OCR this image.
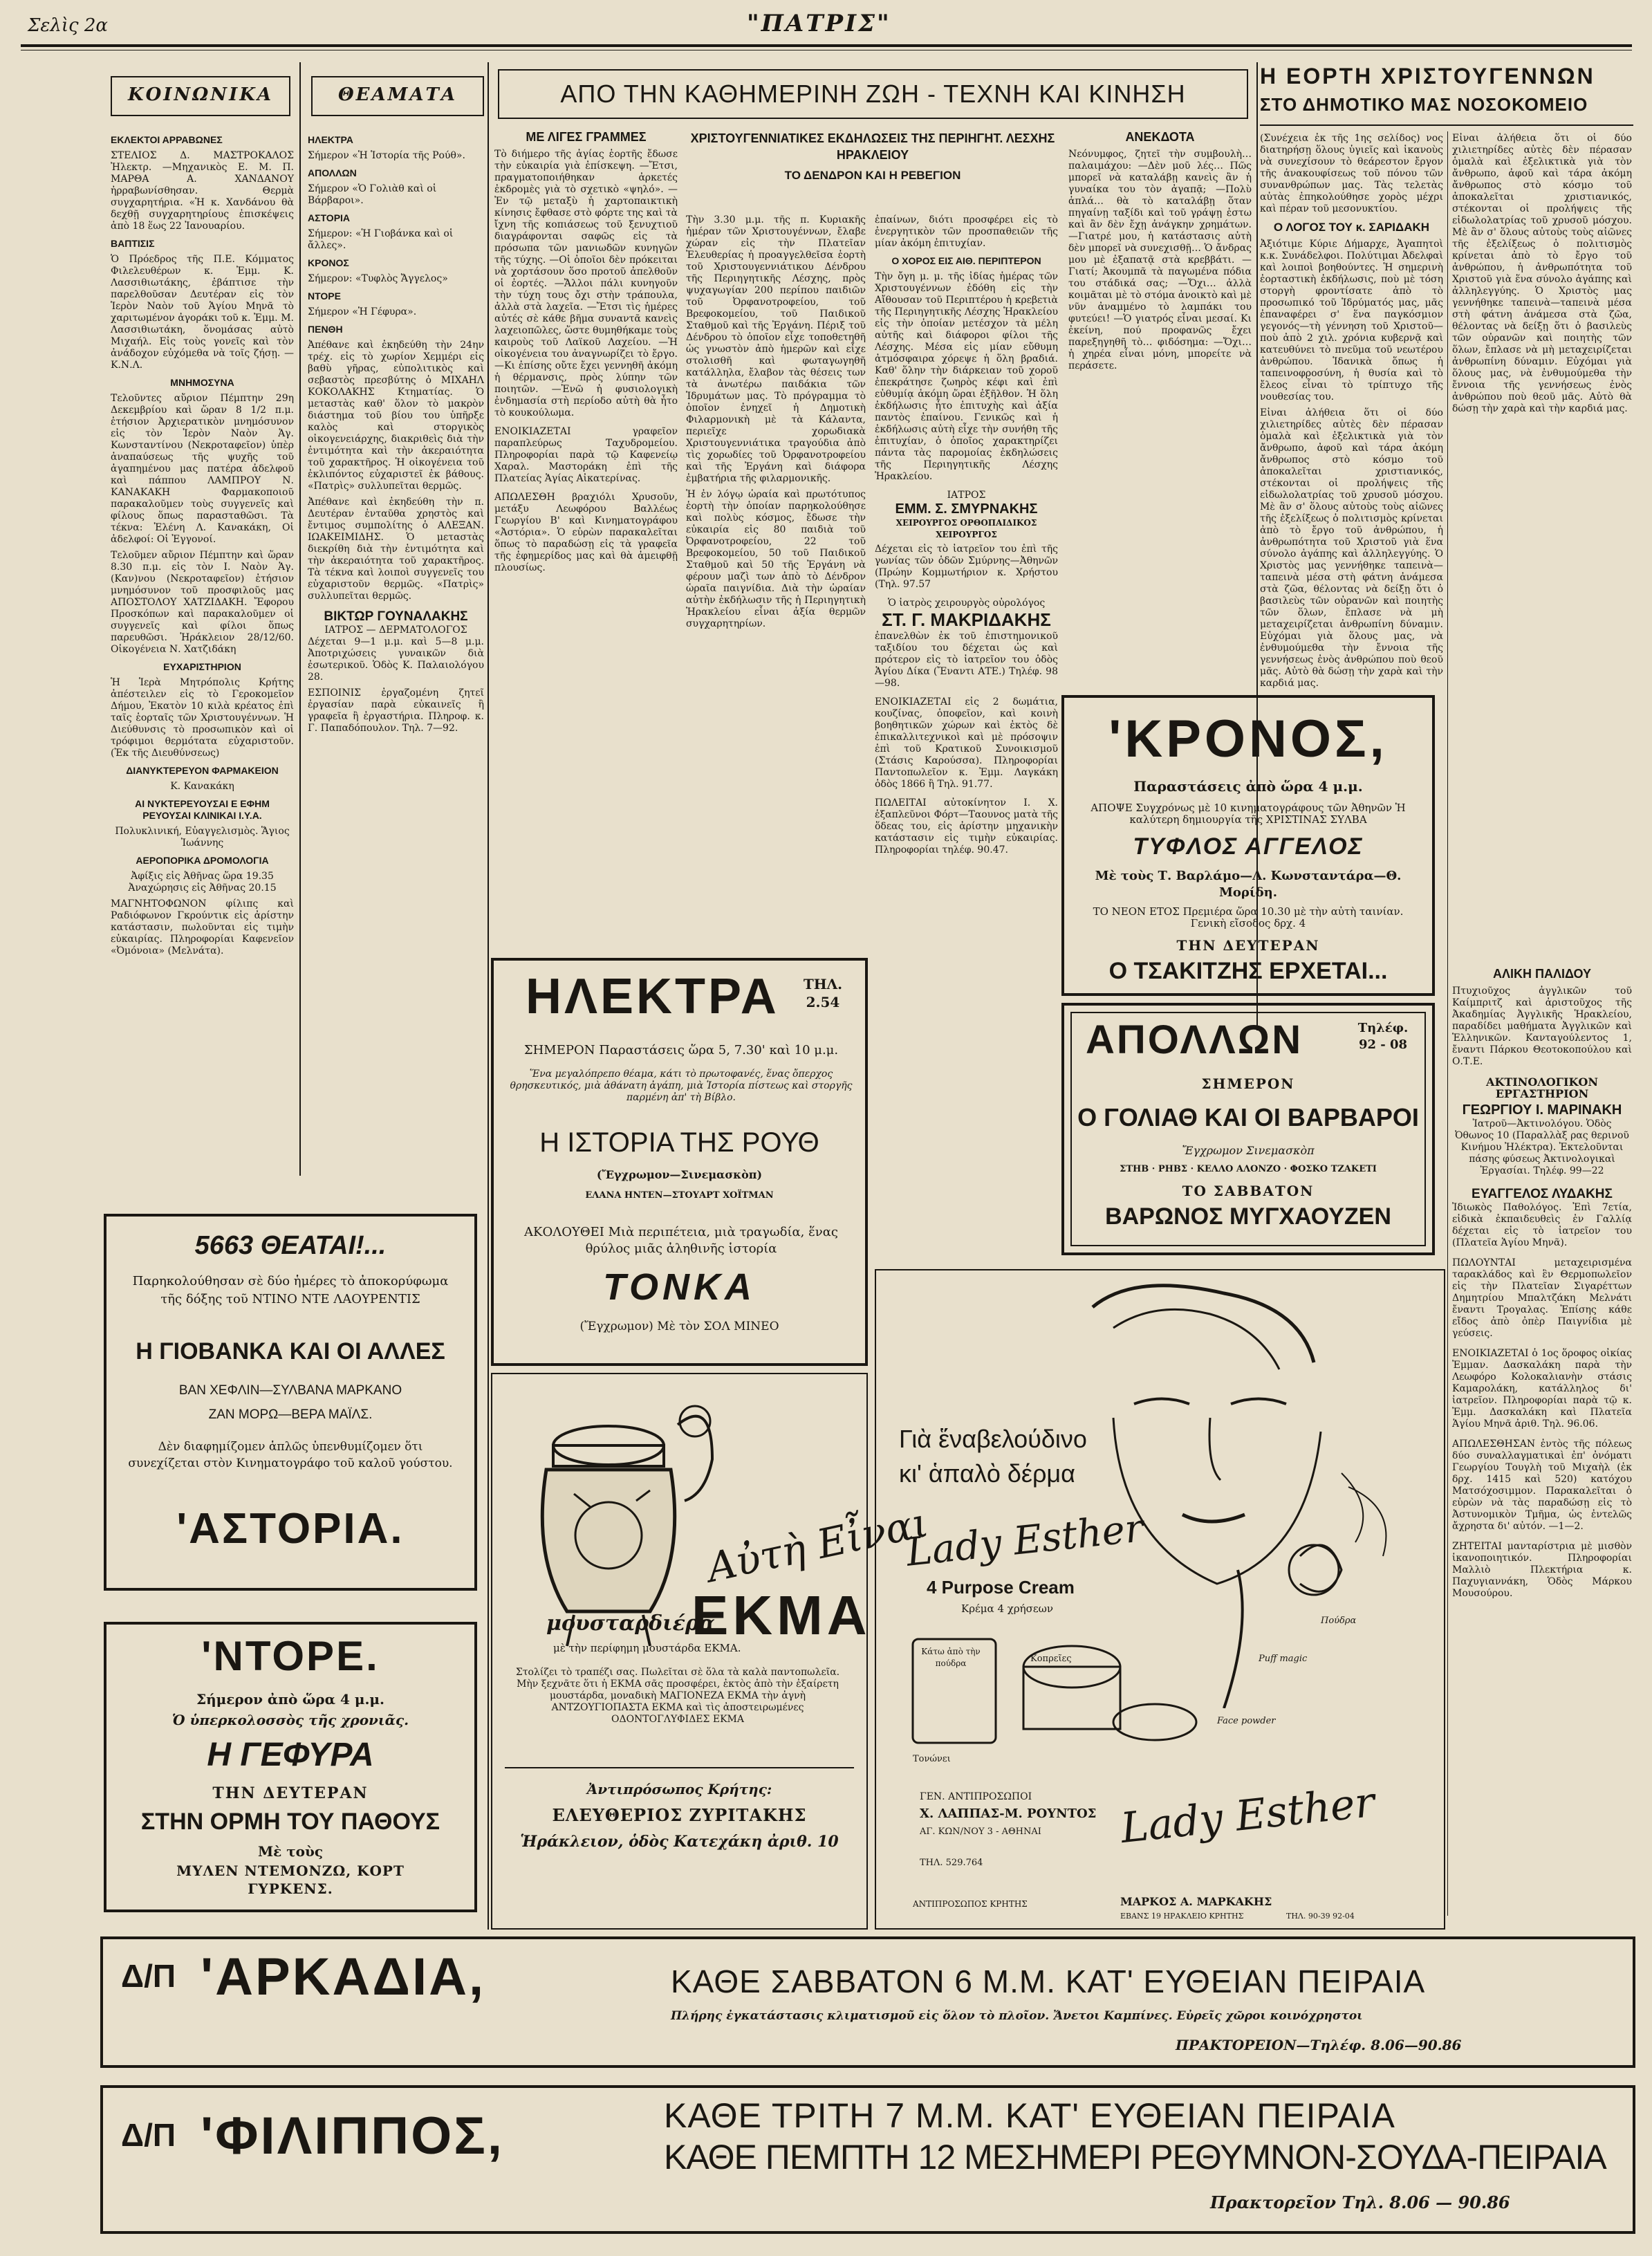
Σελὶς 2α	"ΠΑΤΡΙΣ"
ΚΟΙΝΩΝΙΚΑ
ΕΚΛΕΚΤΟΙ ΑΡΡΑΒΩΝΕΣ
ΣΤΕΛΙΟΣ Δ. ΜΑΣΤΡΟΚΑΛΟΣ Ἠλεκτρ. —Μηχανικὸς Ε. Μ. Π. ΜΑΡΘΑ Α. ΧΑΝΔΑΝΟΥ ἠρραβωνίσθησαν. Θερμὰ συγχαρητήρια. «Ἡ κ. Χανδάνου θὰ δεχθῇ συγχαρητηρίους ἐπισκέψεις ἀπὸ 18 ἕως 22 Ἰανουαρίου.
ΒΑΠΤΙΣΙΣ
Ὁ Πρόεδρος τῆς Π.Ε. Κόμματος Φιλελευθέρων κ. Ἐμμ. Κ. Λασσιθιωτάκης, ἐβάπτισε τὴν παρελθοῦσαν Δευτέραν εἰς τὸν Ἱερὸν Ναὸν τοῦ Ἁγίου Μηνᾶ τὸ χαριτωμένον ἀγοράκι τοῦ κ. Ἐμμ. Μ. Λασσιθιωτάκη, ὅνομάσας αὐτὸ Μιχαήλ. Εἰς τοὺς γονεῖς καὶ τὸν ἀνάδοχον εὐχόμεθα νὰ τοῖς ζήσῃ. —Κ.Ν.Λ.
ΜΝΗΜΟΣΥΝΑ
Τελοῦντες αὔριον Πέμπτην 29η Δεκεμβρίου καὶ ὥραν 8 1/2 π.μ. ἐτήσιον Ἀρχιερατικὸν μνημόσυνον εἰς τὸν Ἱερὸν Ναὸν Ἁγ. Κωνσταντίνου (Νεκροταφεῖον) ὑπὲρ ἀναπαύσεως τῆς ψυχῆς τοῦ ἀγαπημένου μας πατέρα ἀδελφοῦ καὶ πάππου ΛΑΜΠΡΟΥ Ν. ΚΑΝΑΚΑΚΗ Φαρμακοποιοῦ παρακαλοῦμεν τοὺς συγγενεῖς καὶ φίλους ὅπως παρασταθῶσι. Τὰ τέκνα: Ἑλένη Λ. Κανακάκη, Οἱ ἀδελφοί: Οἱ Ἐγγονοί.
Τελοῦμεν αὔριον Πέμπτην καὶ ὥραν 8.30 π.μ. εἰς τὸν Ι. Ναὸν Ἁγ. (Καν)νου (Νεκροταφεῖον) ἐτήσιον μνημόσυνον τοῦ προσφιλοῦς μας ΑΠΟΣΤΟΛΟΥ ΧΑΤΖΙΔΑΚΗ. Ἔφορου Προσκόπων καὶ παρακαλοῦμεν οἱ συγγενεῖς καὶ φίλοι ὅπως παρευθῶσι. Ἡράκλειον 28/12/60. Οἰκογένεια Ν. Χατζιδάκη
ΕΥΧΑΡΙΣΤΗΡΙΟΝ
Ἡ Ἱερὰ Μητρόπολις Κρήτης ἀπέστειλεν εἰς τὸ Γεροκομεῖον Δήμου, Ἐκατὸν 10 κιλὰ κρέατος ἐπὶ ταῖς ἑορταῖς τῶν Χριστουγέννων. Ἡ Διεύθυνσις τὸ προσωπικὸν καὶ οἱ τρόφιμοι θερμότατα εὐχαριστοῦν. (Ἐκ τῆς Διευθύνσεως)
ΔΙΑΝΥΚΤΕΡΕΥΟΝ ΦΑΡΜΑΚΕΙΟΝ
Κ. Κανακάκη
ΑΙ ΝΥΚΤΕΡΕΥΟΥΣΑΙ Ε ΕΦΗΜ ΡΕΥΟΥΣΑΙ ΚΛΙΝΙΚΑΙ Ι.Υ.Α.
Πολυκλινική, Εὐαγγελισμὸς. Ἅγιος Ἰωάννης
ΑΕΡΟΠΟΡΙΚΑ ΔΡΟΜΟΛΟΓΙΑ
Ἀφίξις εἰς Ἀθῆνας ὥρα 19.35 Ἀναχώρησις εἰς Ἀθῆνας 20.15
ΜΑΓΝΗΤΟΦΩΝΟΝ φίλιπς καὶ Ραδιόφωνον Γκρούντικ εἰς ἀρίστην κατάστασιν, πωλοῦνται εἰς τιμὴν εὐκαιρίας. Πληροφορίαι Καφενεῖον «Ὀμόνοια» (Μελνάτα).
ΘΕΑΜΑΤΑ
ΗΛΕΚΤΡΑ
Σήμερον «Ἡ Ἱστορία τῆς Ρούθ».
ΑΠΟΛΛΩΝ
Σήμερον «Ὁ Γολιὰθ καὶ οἱ Βάρβαροι».
ΑΣΤΟΡΙΑ
Σήμερον: «Ἡ Γιοβάνκα καὶ οἱ ἄλλες».
ΚΡΟΝΟΣ
Σήμερον: «Τυφλὸς Ἄγγελος»
ΝΤΟΡΕ
Σήμερον «Ἡ Γέφυρα».
ΠΕΝΘΗ
Ἀπέθανε καὶ ἐκηδεύθη τὴν 24ην τρέχ. εἰς τὸ χωρίον Χεμμέρι εἰς βαθὺ γῆρας, εὐπολιτικὸς καὶ σεβαστὸς πρεσβύτης ὁ ΜΙΧΑΗΛ ΚΟΚΟΛΑΚΗΣ Κτηματίας. Ὁ μεταστὰς καθ' ὅλον τὸ μακρὸν διάστημα τοῦ βίου του ὑπῆρξε καλὸς καὶ στοργικὸς οἰκογενειάρχης, διακριθεὶς διὰ τὴν ἐντιμότητα καὶ τὴν ἀκεραιότητα τοῦ χαρακτῆρος. Ἡ οἰκογένεια τοῦ ἐκλιπόντος εὐχαριστεῖ ἐκ βάθους. «Πατρὶς» συλλυπεῖται θερμῶς.
Ἀπέθανε καὶ ἐκηδεύθη τὴν π. Δευτέραν ἐνταῦθα χρηστὸς καὶ ἔντιμος συμπολίτης ὁ ΑΛΕΞΑΝ. ΙΩΑΚΕΙΜΙΔΗΣ. Ὁ μεταστὰς διεκρίθη διὰ τὴν ἐντιμότητα καὶ τὴν ἀκεραιότητα τοῦ χαρακτῆρος. Τὰ τέκνα καὶ λοιποὶ συγγενεῖς του εὐχαριστοῦν θερμῶς. «Πατρὶς» συλλυπεῖται θερμῶς.
ΒΙΚΤΩΡ ΓΟΥΝΑΛΑΚΗΣ
ΙΑΤΡΟΣ — ΔΕΡΜΑΤΟΛΟΓΟΣ
Δέχεται 9—1 μ.μ. καὶ 5—8 μ.μ. Ἀποτριχώσεις γυναικῶν διὰ ἐσωτερικοῦ. Ὁδὸς Κ. Παλαιολόγου 28.
ΕΣΠΟΙΝΙΣ ἐργαζομένη ζητεῖ ἐργασίαν παρὰ εὐκαινεῖς ἢ γραφεῖα ἢ ἐργαστήρια. Πληροφ. κ. Γ. Παπαδόπουλον. Τηλ. 7—92.
ΑΠΟ ΤΗΝ ΚΑΘΗΜΕΡΙΝΗ ΖΩΗ - ΤΕΧΝΗ ΚΑΙ ΚΙΝΗΣΗ
ΜΕ ΛΙΓΕΣ ΓΡΑΜΜΕΣ
Τὸ διήμερο τῆς ἁγίας ἑορτῆς ἔδωσε τὴν εὐκαιρία γιὰ ἐπίσκεψη. —Ἔτσι, πραγματοποιήθηκαν ἀρκετές ἐκδρομὲς γιὰ τὸ σχετικὸ «ψηλό». —Ἐν τῷ μεταξὺ ἡ χαρτοπαικτικὴ κίνησις ἔφθασε στὸ φόρτε της καὶ τὰ ἴχνη τῆς κοπιάσεως τοῦ ξενυχτιοῦ διαγράφονται σαφῶς εἰς τὰ πρόσωπα τῶν μανιωδῶν κυνηγῶν τῆς τύχης. —Οἱ ὁποῖοι δὲν πρόκειται νὰ χορτάσουν ὅσο προτοῦ ἀπελθοῦν οἱ ἐορτές. —Ἄλλοι πάλι κυνηγοῦν τὴν τύχη τους ὄχι στὴν τράπουλα, ἀλλὰ στὰ λαχεῖα. —Ἔτσι τὶς ἡμέρες αὐτές σὲ κάθε βῆμα συναντᾶ κανεὶς λαχειοπῶλες, ὥστε θυμηθήκαμε τοὺς καιροὺς τοῦ Λαϊκοῦ Λαχείου. —Ἡ οἰκογένεια του ἀναγνωρίζει τὸ ἔργο. —Κι ἐπίσης οὔτε ἔχει γεννηθῆ ἀκόμη ἡ θέρμανσις, πρὸς λύπην τῶν ποιητῶν. —Ἐνῶ ἡ φυσιολογικὴ ἐνδημασία στὴ περίοδο αὐτὴ θὰ ἦτο τὸ κουκούλωμα.
ΕΝΟΙΚΙΑΖΕΤΑΙ γραφεῖον παραπλεύρως Ταχυδρομείου. Πληροφορίαι παρὰ τῷ Καφενείῳ Χαραλ. Μαστοράκη ἐπὶ τῆς Πλατείας Ἁγίας Αἰκατερίνας.
ΑΠΩΛΕΣΘΗ βραχιόλι Χρυσοῦν, μετάξυ Λεωφόρου Βαλλέως Γεωργίου Β' καὶ Κινηματογράφου «Ἀστόρια». Ὁ εὑρὼν παρακαλεῖται ὅπως τὸ παραδώσῃ εἰς τὰ γραφεῖα τῆς ἐφημερίδος μας καὶ θὰ ἀμειφθῇ πλουσίως.
ΧΡΙΣΤΟΥΓΕΝΝΙΑΤΙΚΕΣ ΕΚΔΗΛΩΣΕΙΣ ΤΗΣ ΠΕΡΙΗΓΗΤ. ΛΕΣΧΗΣ ΗΡΑΚΛΕΙΟΥ
ΤΟ ΔΕΝΔΡΟΝ ΚΑΙ Η ΡΕΒΕΓΙΟΝ
Τὴν 3.30 μ.μ. τῆς π. Κυριακῆς ἡμέραν τῶν Χριστουγέννων, ἔλαβε χώραν εἰς τὴν Πλατεῖαν Ἐλευθερίας ἡ προαγγελθεῖσα ἑορτὴ τοῦ Χριστουγεννιάτικου Δένδρου τῆς Περιηγητικῆς Λέσχης, πρὸς ψυχαγωγίαν 200 περίπου παιδιῶν τοῦ Ὀρφανοτροφείου, τοῦ Βρεφοκομείου, τοῦ Παιδικοῦ Σταθμοῦ καὶ τῆς Ἐργάνη. Πέριξ τοῦ Δένδρου τὸ ὁποῖον εἶχε τοποθετηθῆ ὡς γνωστὸν ἀπὸ ἡμερῶν καὶ εἶχε στολισθῆ καὶ φωταγωγηθῆ κατάλληλα, ἔλαβον τὰς θέσεις των τὰ ἀνωτέρω παιδάκια τῶν Ἱδρυμάτων μας. Τὸ πρόγραμμα τὸ ὁποῖον ἐνηχεῖ ἡ Δημοτικὴ Φιλαρμονικὴ μὲ τὰ Κάλαντα, περιεῖχε χορωδιακὰ Χριστουγεννιάτικα τραγούδια ἀπὸ τὶς χορωδίες τοῦ Ὀρφανοτροφείου καὶ τῆς Ἐργάνη καὶ διάφορα ἐμβατήρια τῆς φιλαρμονικῆς.
Ἡ ἐν λόγῳ ὡραία καὶ πρωτότυπος ἑορτὴ τὴν ὁποίαν παρηκολούθησε καὶ πολὺς κόσμος, ἔδωσε τὴν εὐκαιρία εἰς 80 παιδιὰ τοῦ Ὀρφανοτροφείου, 22 τοῦ Βρεφοκομείου, 50 τοῦ Παιδικοῦ Σταθμοῦ καὶ 50 τῆς Ἐργάνη νὰ φέρουν μαζὶ των ἀπὸ τὸ Δένδρον ὡραῖα παιγνίδια. Διὰ τὴν ὡραίαν αὐτὴν ἐκδήλωσιν τῆς ἡ Περιηγητικὴ Ἡρακλείου εἶναι ἀξία θερμῶν συγχαρητηρίων.
ἐπαίνων, διότι προσφέρει εἰς τὸ ἐνεργητικὸν τῶν προσπαθειῶν τῆς μίαν ἀκόμη ἐπιτυχίαν.
Ο ΧΟΡΟΣ ΕΙΣ ΑΙΘ. ΠΕΡΙΠΤΕΡΟΝ
Τὴν ὄγη μ. μ. τῆς ἰδίας ἡμέρας τῶν Χριστουγέννων ἐδόθη εἰς τὴν Αἴθουσαν τοῦ Περιπτέρου ἡ κρεβετιὰ τῆς Περιηγητικῆς Λέσχης Ἡρακλείου εἰς τὴν ὁποίαν μετέσχον τὰ μέλη αὐτῆς καὶ διάφοροι φίλοι τῆς Λέσχης. Μέσα εἰς μίαν εὔθυμη ἀτμόσφαιρα χόρεψε ἡ ὅλη βραδιά. Καθ' ὅλην τὴν διάρκειαν τοῦ χοροῦ ἐπεκράτησε ζωηρὸς κέφι καὶ ἐπὶ εὐθυμίᾳ ἀκόμη ὥραι ἐξῆλθον. Ἡ ὅλη ἐκδήλωσις ἦτο ἐπιτυχὴς καὶ ἀξία παντὸς ἐπαίνου. Γενικῶς καὶ ἡ ἐκδήλωσις αὐτὴ εἶχε τὴν συνήθη τῆς ἐπιτυχίαν, ὁ ὁποῖος χαρακτηρίζει πάντα τὰς παρομοίας ἐκδηλώσεις τῆς Περιηγητικῆς Λέσχης Ἡρακλείου.
ΙΑΤΡΟΣ
ΕΜΜ. Σ. ΣΜΥΡΝΑΚΗΣ
ΧΕΙΡΟΥΡΓΟΣ ΟΡΘΟΠΑΙΔΙΚΟΣ ΧΕΙΡΟΥΡΓΟΣ
Δέχεται εἰς τὸ ἰατρεῖον του ἐπὶ τῆς γωνίας τῶν ὁδῶν Σμύρνης—Ἀθηνῶν (Πρώην Κομμωτήριον κ. Χρήστου (Τηλ. 97.57
Ὁ ἰατρὸς χειρουργὸς οὐρολόγος
ΣΤ. Γ. ΜΑΚΡΙΔΑΚΗΣ
ἐπανελθὼν ἐκ τοῦ ἐπιστημονικοῦ ταξιδίου του δέχεται ὡς καὶ πρότερον εἰς τὸ ἰατρεῖον του ὁδὸς Ἁγίου Δίκα (Ἔναντι ΑΤΕ.) Τηλέφ. 98—98.
ΕΝΟΙΚΙΑΖΕΤΑΙ εἰς 2 δωμάτια, κουζίνας, ὁποφεῖον, καὶ κοινὴ βοηθητικῶν χώρων καὶ ἐκτὸς δὲ ἐπικαλλιτεχνικοὶ καὶ μὲ πρόσοψιν ἐπὶ τοῦ Κρατικοῦ Συνοικισμοῦ (Στάσις Καρούσσα). Πληροφορίαι Παντοπωλεῖον κ. Ἐμμ. Λαγκάκη ὁδὸς 1866 ἢ Τηλ. 91.77.
ΠΩΛΕΙΤΑΙ αὐτοκίνητον Ι. Χ. ἑξαπλεῦνοι Φόρτ—Ταουνος ματὰ τῆς ὅδεας του, εἰς ἀρίστην μηχανικὴν κατάστασιν εἰς τιμὴν εὐκαιρίας. Πληροφορίαι τηλέφ. 90.47.
ΑΝΕΚΔΟΤΑ
Νεόνυμφος, ζητεῖ τὴν συμβουλὴ… παλαιμάχου: —Δὲν μοῦ λές… Πῶς μπορεῖ νὰ καταλάβῃ κανεὶς ἂν ἡ γυναίκα του τὸν ἀγαπᾷ; —Πολὺ ἁπλά… θὰ τὸ καταλάβῃ ὅταν πηγαίνῃ ταξίδι καὶ τοῦ γράψῃ ἐστω καὶ ἂν δὲν ἔχῃ ἀνάγκην χρημάτων. —Γιατρέ μου, ἡ κατάστασις αὐτὴ δὲν μπορεῖ νὰ συνεχισθῇ… Ὁ ἄνδρας μου μὲ ἐξαπατᾷ στὰ κρεββάτι. —Γιατί; Ἀκουμπᾶ τὰ παγωμένα πόδια του στάδικά σας; —Ὄχι… ἀλλὰ κοιμᾶται μὲ τὸ στόμα ἀνοικτὸ καὶ μὲ νῦν ἀναμμένο τὸ λαμπάκι του φυτεύει! —Ὁ γιατρός εἶναι μεσαί. Κι ἐκείνη, πού προφανῶς ἔχει παρεξηγηθῆ τὸ… φιδόσημα: —Ὄχι… ἡ χηρέα εἶναι μόνη, μπορείτε νὰ περάσετε.
Η ΕΟΡΤΗ ΧΡΙΣΤΟΥΓΕΝΝΩΝ
ΣΤΟ ΔΗΜΟΤΙΚΟ ΜΑΣ ΝΟΣΟΚΟΜΕΙΟ
(Συνέχεια ἐκ τῆς 1ης σελίδος) νος διατηρήσῃ ὅλους ὑγιεῖς καὶ ἱκανοὺς νὰ συνεχίσουν τὸ θεάρεστον ἔργον τῆς ἀνακουφίσεως τοῦ πόνου τῶν συνανθρώπων μας. Τὰς τελετὰς αὐτὰς ἐπηκολούθησε χορὸς μέχρι καὶ πέραν τοῦ μεσονυκτίου.
Ο ΛΟΓΟΣ ΤΟΥ κ. ΣΑΡΙΔΑΚΗ
Ἀξιότιμε Κύριε Δήμαρχε, Ἀγαπητοὶ κ.κ. Συνάδελφοι. Πολύτιμαι Ἀδελφαὶ καὶ λοιποὶ βοηθούντες. Ἡ σημερινὴ ἐορταστικὴ ἐκδήλωσις, ποὺ μὲ τόση στοργὴ φροντίσατε ἀπὸ τὸ προσωπικό τοῦ Ἱδρύματός μας, μᾶς ἐπαναφέρει σ' ἕνα παγκόσμιον γεγονός—τὴ γέννηση τοῦ Χριστοῦ—ποὺ ἀπὸ 2 χιλ. χρόνια κυβερνᾷ καὶ κατευθύνει τὸ πνεῦμα τοῦ νεωτέρου ἀνθρώπου. Ἱδανικὰ ὅπως ἡ ταπεινοφροσύνη, ἡ θυσία καὶ τὸ ἔλεος εἶναι τὸ τρίπτυχο τῆς νουθεσίας του.
Εἶναι ἀλήθεια ὅτι οἱ δύο χιλιετηρίδες αὐτὲς δὲν πέρασαν ὁμαλὰ καὶ ἐξελικτικὰ γιὰ τὸν ἄνθρωπο, ἀφοῦ καὶ τάρα ἀκόμη ἄνθρωπος στὸ κόσμο τοῦ ἀποκαλεῖται χριστιανικός, στέκονται οἱ προλήψεις τῆς εἰδωλολατρίας τοῦ χρυσοῦ μόσχου. Μὲ ἂν σ' ὅλους αὐτοὺς τοὺς αἰῶνες τῆς ἐξελίξεως ὁ πολιτισμὸς κρίνεται ἀπὸ τὸ ἔργο τοῦ ἀνθρώπου, ἡ ἀνθρωπότητα τοῦ Χριστοῦ γιὰ ἕνα σύνολο ἀγάπης καὶ ἀλληλεγγύης. Ὁ Χριστὸς μας γεννήθηκε ταπεινὰ—ταπεινὰ μέσα στὴ φάτνη ἀνάμεσα στὰ ζῶα, θέλοντας νὰ δείξῃ ὅτι ὁ βασιλεὺς τῶν οὐρανῶν καὶ ποιητὴς τῶν ὅλων, ἔπλασε νὰ μὴ μεταχειρίζεται ἀνθρωπίνη δύναμιν. Εὐχόμαι γιὰ ὅλους μας, νὰ ἐνθυμούμεθα τὴν ἔννοια τῆς γεννήσεως ἐνὸς ἀνθρώπου ποὺ θεοῦ μᾶς. Αὐτὸ θὰ δώσῃ τὴν χαρὰ καὶ τὴν καρδιά μας.
ΑΛΙΚΗ ΠΑΛΙΔΟΥ
Πτυχιοῦχος ἀγγλικῶν τοῦ Καίμπριτζ καὶ ἀριστοῦχος τῆς Ἀκαδημίας Ἀγγλικῆς Ἡρακλείου, παραδίδει μαθήματα Ἀγγλικῶν καὶ Ἑλληνικῶν. Κανταγούλεντος 1, ἔναντι Πάρκου Θεοτοκοπούλου καὶ Ο.Τ.Ε.
ΑΚΤΙΝΟΛΟΓΙΚΟΝ ΕΡΓΑΣΤΗΡΙΟΝ
ΓΕΩΡΓΙΟΥ Ι. ΜΑΡΙΝΑΚΗ
Ἰατροῦ—Ἀκτινολόγου. Ὁδὸς Ὀθωνος 10 (Παραλλὰξ ρας θερινοῦ Κινήμου Ἠλέκτρα). Ἐκτελοῦνται πάσης φύσεως Ἀκτινολογικαὶ Ἐργασίαι. Τηλέφ. 99—22
ΕΥΑΓΓΕΛΟΣ ΛΥΔΑΚΗΣ
Ἰδιωκὸς Παθολόγος. Ἐπὶ 7ετία, εἰδικὰ ἐκπαιδευθεὶς ἐν Γαλλίᾳ δέχεται εἰς τὸ ἰατρεῖον του (Πλατεῖα Ἁγίου Μηνᾶ).
ΠΩΛΟΥΝΤΑΙ μεταχειρισμένα ταρακλάδος καὶ ἓν Θερμοπωλεῖον εἰς τὴν Πλατεῖαν Σιγαρέττων Δημητρίου Μπαλτζάκη Μελνάτι ἔναντι Τρογαλας. Ἐπίσης κάθε εἴδος ἀπὸ ὀπὲρ Παιγνίδια μὲ γεύσεις.
ΕΝΟΙΚΙΑΖΕΤΑΙ ὁ 1ος ὅροφος οἰκίας Ἐμμαν. Δασκαλάκη παρὰ τὴν Λεωφόρο Κολοκαλιανὴν στάσις Καμαρολάκη, κατάλληλος δι' ἰατρεῖον. Πληροφορίαι παρὰ τῷ κ. Ἐμμ. Δασκαλάκη καὶ Πλατεῖα Ἁγίου Μηνᾶ ἀριθ. Τηλ. 96.06.
ΑΠΩΛΕΣΘΗΣΑΝ ἐντὸς τῆς πόλεως δύο συναλλαγματικαὶ ἐπ' ὀνόματι Γεωργίου Τουγλὴ τοῦ Μιχαὴλ (ἐκ δρχ. 1415 καὶ 520) κατόχου Ματσόχοσιμμον. Παρακαλεῖται ὁ εὑρὼν νὰ τὰς παραδώσῃ εἰς τὸ Ἀστυνομικὸν Τμῆμα, ὡς ἐντελῶς ἄχρηστα δι' αὐτόν. —1—2.
ΖΗΤΕΙΤΑΙ μανταρίστρια μὲ μισθὸν ἱκανοποιητικόν. Πληροφορίαι Μαλλιὸ Πλεκτήρια κ. Παχυγιαννάκη, Ὁδὸς Μάρκου Μουσούρου.
Εἶναι ἀλήθεια ὅτι οἱ δύο χιλιετηρίδες αὐτὲς δὲν πέρασαν ὁμαλὰ καὶ ἐξελικτικὰ γιὰ τὸν ἄνθρωπο, ἀφοῦ καὶ τάρα ἀκόμη ἄνθρωπος στὸ κόσμο τοῦ ἀποκαλεῖται χριστιανικός, στέκονται οἱ προλήψεις τῆς εἰδωλολατρίας τοῦ χρυσοῦ μόσχου. Μὲ ἂν σ' ὅλους αὐτοὺς τοὺς αἰῶνες τῆς ἐξελίξεως ὁ πολιτισμὸς κρίνεται ἀπὸ τὸ ἔργο τοῦ ἀνθρώπου, ἡ ἀνθρωπότητα τοῦ Χριστοῦ γιὰ ἕνα σύνολο ἀγάπης καὶ ἀλληλεγγύης. Ὁ Χριστὸς μας γεννήθηκε ταπεινὰ—ταπεινὰ μέσα στὴ φάτνη ἀνάμεσα στὰ ζῶα, θέλοντας νὰ δείξῃ ὅτι ὁ βασιλεὺς τῶν οὐρανῶν καὶ ποιητὴς τῶν ὅλων, ἔπλασε νὰ μὴ μεταχειρίζεται ἀνθρωπίνη δύναμιν. Εὐχόμαι γιὰ ὅλους μας, νὰ ἐνθυμούμεθα τὴν ἔννοια τῆς γεννήσεως ἐνὸς ἀνθρώπου ποὺ θεοῦ μᾶς. Αὐτὸ θὰ δώσῃ τὴν χαρὰ καὶ τὴν καρδιά μας.
5663 ΘΕΑΤΑΙ!...
Παρηκολούθησαν σὲ δύο ἡμέρες τὸ ἀποκορύφωμα τῆς δόξης τοῦ ΝΤΙΝΟ ΝΤΕ ΛΑΟΥΡΕΝΤΙΣ
Η ΓΙΟΒΑΝΚΑ ΚΑΙ ΟΙ ΑΛΛΕΣ
ΒΑΝ ΧΕΦΛΙΝ—ΣΥΛΒΑΝΑ ΜΑΡΚΑΝΟ
ΖΑΝ ΜΟΡΩ—ΒΕΡΑ ΜΑΪΛΣ.
Δὲν διαφημίζομεν ἁπλῶς ὑπενθυμίζομεν ὅτι συνεχίζεται στὸν Κινηματογράφο τοῦ καλοῦ γούστου.
'ΑΣΤΟΡΙΑ.
'ΝΤΟΡΕ.
Σήμερον ἀπὸ ὥρα 4 μ.μ.
Ὁ ὑπερκολοσσὸς τῆς χρονιᾶς.
Η ΓΕΦΥΡΑ
ΤΗΝ ΔΕΥΤΕΡΑΝ
ΣΤΗΝ ΟΡΜΗ ΤΟΥ ΠΑΘΟΥΣ
Μὲ τοὺς
ΜΥΛΕΝ ΝΤΕΜΟΝΖΩ, ΚΟΡΤ ΓΥΡΚΕΝΣ.
ΗΛΕΚΤΡΑ	ΤΗΛ. 2.54
ΣΗΜΕΡΟΝ Παραστάσεις ὥρα 5, 7.30' καὶ 10 μ.μ.
Ἕνα μεγαλόπρεπο θέαμα, κάτι τὸ πρωτοφανές, ἕνας ὄπερχος θρησκευτικός, μιὰ ἀθάνατη ἀγάπη, μιὰ Ἱστορία πίστεως καὶ στοργῆς παρμένη ἀπ' τὴ Βίβλο.
Η ΙΣΤΟΡΙΑ ΤΗΣ ΡΟΥΘ
(Ἔγχρωμον—Σινεμασκὸπ)
ΕΛΑΝΑ ΗΝΤΕΝ—ΣΤΟΥΑΡΤ ΧΟΪΤΜΑΝ
ΑΚΟΛΟΥΘΕΙ Μιὰ περιπέτεια, μιὰ τραγωδία, ἕνας θρύλος μιᾶς ἀληθινῆς ἱστορία
ΤΟΝΚΑ
(Ἔγχρωμον) Μὲ τὸν ΣΟΛ ΜΙΝΕΟ
Αὐτὴ Εἶναι
ΕΚΜΑ
μουσταρδιέρα
μὲ τὴν περίφημη μουστάρδα ΕΚΜΑ.
Στολίζει τὸ τραπέζι σας. Πωλεῖται σὲ ὅλα τὰ καλὰ παντοπωλεῖα. Μὴν ξεχνᾶτε ὅτι ἡ ΕΚΜΑ σᾶς προσφέρει, ἐκτὸς ἀπὸ τὴν ἐξαίρετη μουστάρδα, μοναδικὴ ΜΑΓΙΟΝΕΖΑ ΕΚΜΑ τὴν ἁγνὴ ΑΝΤΖΟΥΓΙΟΠΑΣΤΑ ΕΚΜΑ καὶ τὶς ἀποστειρωμένες ΟΔΟΝΤΟΓΛΥΦΙΔΕΣ ΕΚΜΑ
Ἀντιπρόσωπος Κρήτης:
ΕΛΕΥΘΕΡΙΟΣ ΖΥΡΙΤΑΚΗΣ
Ἡράκλειον, ὁδὸς Κατεχάκη ἀριθ. 10
'ΚΡΟΝΟΣ,
Παραστάσεις ἀπὸ ὥρα 4 μ.μ.
ΑΠΟΨΕ Συγχρόνως μὲ 10 κινηματογράφους τῶν Ἀθηνῶν Ἡ καλύτερη δημιουργία τῆς ΧΡΙΣΤΙΝΑΣ ΣΥΛΒΑ
ΤΥΦΛΟΣ ΑΓΓΕΛΟΣ
Μὲ τοὺς Τ. Βαρλάμο—Λ. Κωνσταντάρα—Θ. Μορίδη.
ΤΟ ΝΕΟΝ ΕΤΟΣ Πρεμιέρα ὥρα 10.30 μὲ τὴν αὐτὴ ταινίαν. Γενικὴ εἴσοδος δρχ. 4
ΤΗΝ ΔΕΥΤΕΡΑΝ
Ο ΤΣΑΚΙΤΖΗΣ ΕΡΧΕΤΑΙ...
ΑΠΟΛΛΩΝ	Τηλέφ. 92 - 08
ΣΗΜΕΡΟΝ
Ο ΓΟΛΙΑΘ ΚΑΙ ΟΙ ΒΑΡΒΑΡΟΙ
Ἔγχρωμον Σινεμασκὸπ
ΣΤΗΒ · ΡΗΒΣ · ΚΕΛΛΟ ΑΛΟΝΖΟ · ΦΟΣΚΟ ΤΖΑΚΕΤΙ
ΤΟ ΣΑΒΒΑΤΟΝ
ΒΑΡΩΝΟΣ ΜΥΓΧΑΟΥΖΕΝ
Γιὰ ἕναβελούδινο
κι' ἁπαλὸ δέρμα
Lady Esther
4 Purpose Cream
Κρέμα 4 χρήσεων
Κάτω ἀπὸ τὴν πούδρα	Κοπρεῖες
Τονώνει
Puff magic
Πούδρα
Face powder
ΓΕΝ. ΑΝΤΙΠΡΟΣΩΠΟΙ
Χ. ΛΑΠΠΑΣ-Μ. ΡΟΥΝΤΟΣ
ΑΓ. ΚΩΝ/ΝΟΥ 3 - ΑΘΗΝΑΙ
ΤΗΛ. 529.764
Lady Esther
ΑΝΤΙΠΡΟΣΩΠΟΣ ΚΡΗΤΗΣ	ΜΑΡΚΟΣ Α. ΜΑΡΚΑΚΗΣ
ΕΒΑΝΣ 19 ΗΡΑΚΛΕΙΟ ΚΡΗΤΗΣ	ΤΗΛ. 90-39 92-04
Δ/Π 'ΑΡΚΑΔΙΑ,	ΚΑΘΕ ΣΑΒΒΑΤΟΝ 6 Μ.Μ. ΚΑΤ' ΕΥΘΕΙΑΝ ΠΕΙΡΑΙΑ
Πλήρης ἐγκατάστασις κλιματισμοῦ εἰς ὅλον τὸ πλοῖον. Ἄνετοι Καμπίνες. Εὐρεῖς χῶροι κοινόχρηστοι
ΠΡΑΚΤΟΡΕΙΟΝ—Τηλέφ. 8.06—90.86
Δ/Π 'ΦΙΛΙΠΠΟΣ,	ΚΑΘΕ ΤΡΙΤΗ 7 Μ.Μ. ΚΑΤ' ΕΥΘΕΙΑΝ ΠΕΙΡΑΙΑ
ΚΑΘΕ ΠΕΜΠΤΗ 12 ΜΕΣΗΜΕΡΙ ΡΕΘΥΜΝΟΝ-ΣΟΥΔΑ-ΠΕΙΡΑΙΑ
Πρακτορεῖον Τηλ. 8.06 — 90.86
